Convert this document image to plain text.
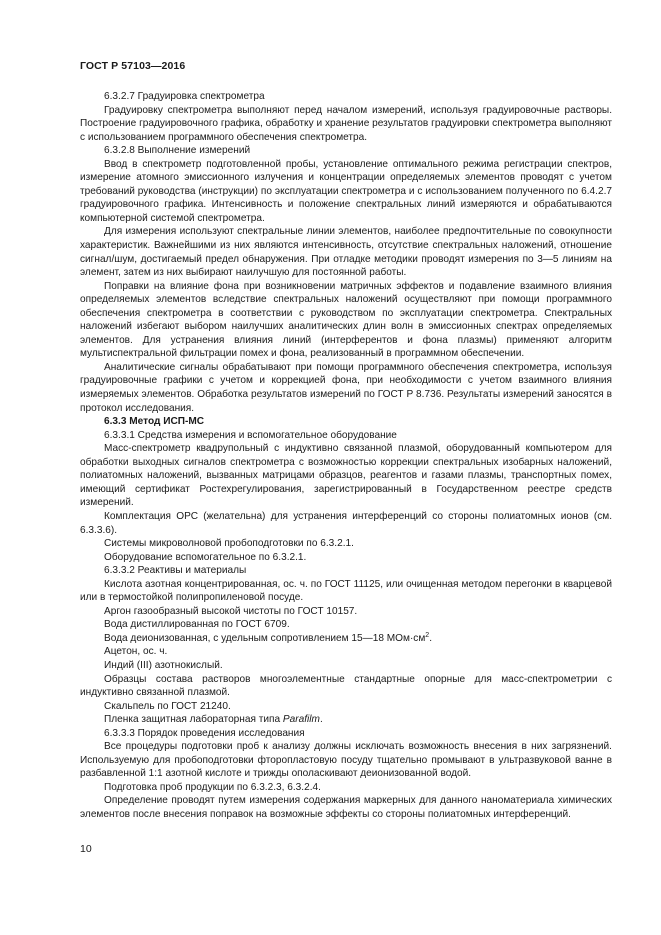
ГОСТ Р 57103—2016

6.3.2.7 Градуировка спектрометра

Градуировку спектрометра выполняют перед началом измерений, используя градуировочные растворы. Построение градуировочного графика, обработку и хранение результатов градуировки спектрометра выполняют с использованием программного обеспечения спектрометра.

6.3.2.8 Выполнение измерений

Ввод в спектрометр подготовленной пробы, установление оптимального режима регистрации спектров, измерение атомного эмиссионного излучения и концентрации определяемых элементов проводят с учетом требований руководства (инструкции) по эксплуатации спектрометра и с использованием полученного по 6.4.2.7 градуировочного графика. Интенсивность и положение спектральных линий измеряются и обрабатываются компьютерной системой спектрометра.

Для измерения используют спектральные линии элементов, наиболее предпочтительные по совокупности характеристик. Важнейшими из них являются интенсивность, отсутствие спектральных наложений, отношение сигнал/шум, достигаемый предел обнаружения. При отладке методики проводят измерения по 3—5 линиям на элемент, затем из них выбирают наилучшую для постоянной работы.

Поправки на влияние фона при возникновении матричных эффектов и подавление взаимного влияния определяемых элементов вследствие спектральных наложений осуществляют при помощи программного обеспечения спектрометра в соответствии с руководством по эксплуатации спектрометра. Спектральных наложений избегают выбором наилучших аналитических длин волн в эмиссионных спектрах определяемых элементов. Для устранения влияния линий (интерферентов и фона плазмы) применяют алгоритм мультиспектральной фильтрации помех и фона, реализованный в программном обеспечении.

Аналитические сигналы обрабатывают при помощи программного обеспечения спектрометра, используя градуировочные графики с учетом и коррекцией фона, при необходимости с учетом взаимного влияния измеряемых элементов. Обработка результатов измерений по ГОСТ Р 8.736. Результаты измерений заносятся в протокол исследования.

6.3.3 Метод ИСП-МС

6.3.3.1 Средства измерения и вспомогательное оборудование

Масс-спектрометр квадрупольный с индуктивно связанной плазмой, оборудованный компьютером для обработки выходных сигналов спектрометра с возможностью коррекции спектральных изобарных наложений, полиатомных наложений, вызванных матрицами образцов, реагентов и газами плазмы, транспортных помех, имеющий сертификат Ростехрегулирования, зарегистрированный в Государственном реестре средств измерений.

Комплектация ОРС (желательна) для устранения интерференций со стороны полиатомных ионов (см. 6.3.3.6).

Системы микроволновой пробоподготовки по 6.3.2.1.

Оборудование вспомогательное по 6.3.2.1.

6.3.3.2 Реактивы и материалы

Кислота азотная концентрированная, ос. ч. по ГОСТ 11125, или очищенная методом перегонки в кварцевой или в термостойкой полипропиленовой посуде.

Аргон газообразный высокой чистоты по ГОСТ 10157.

Вода дистиллированная по ГОСТ 6709.

Вода деионизованная, с удельным сопротивлением 15—18 $МОм\cdot см^2$.

Ацетон, ос. ч.

Индий (III) азотнокислый.

Образцы состава растворов многоэлементные стандартные опорные для масс-спектрометрии с индуктивно связанной плазмой.

Скальпель по ГОСТ 21240.

Пленка защитная лабораторная типа Parafilm.

6.3.3.3 Порядок проведения исследования

Все процедуры подготовки проб к анализу должны исключать возможность внесения в них загрязнений. Используемую для пробоподготовки фторопластовую посуду тщательно промывают в ультразвуковой ванне в разбавленной 1:1 азотной кислоте и трижды ополаскивают деионизованной водой.

Подготовка проб продукции по 6.3.2.3, 6.3.2.4.

Определение проводят путем измерения содержания маркерных для данного наноматериала химических элементов после внесения поправок на возможные эффекты со стороны полиатомных интерференций.

10
